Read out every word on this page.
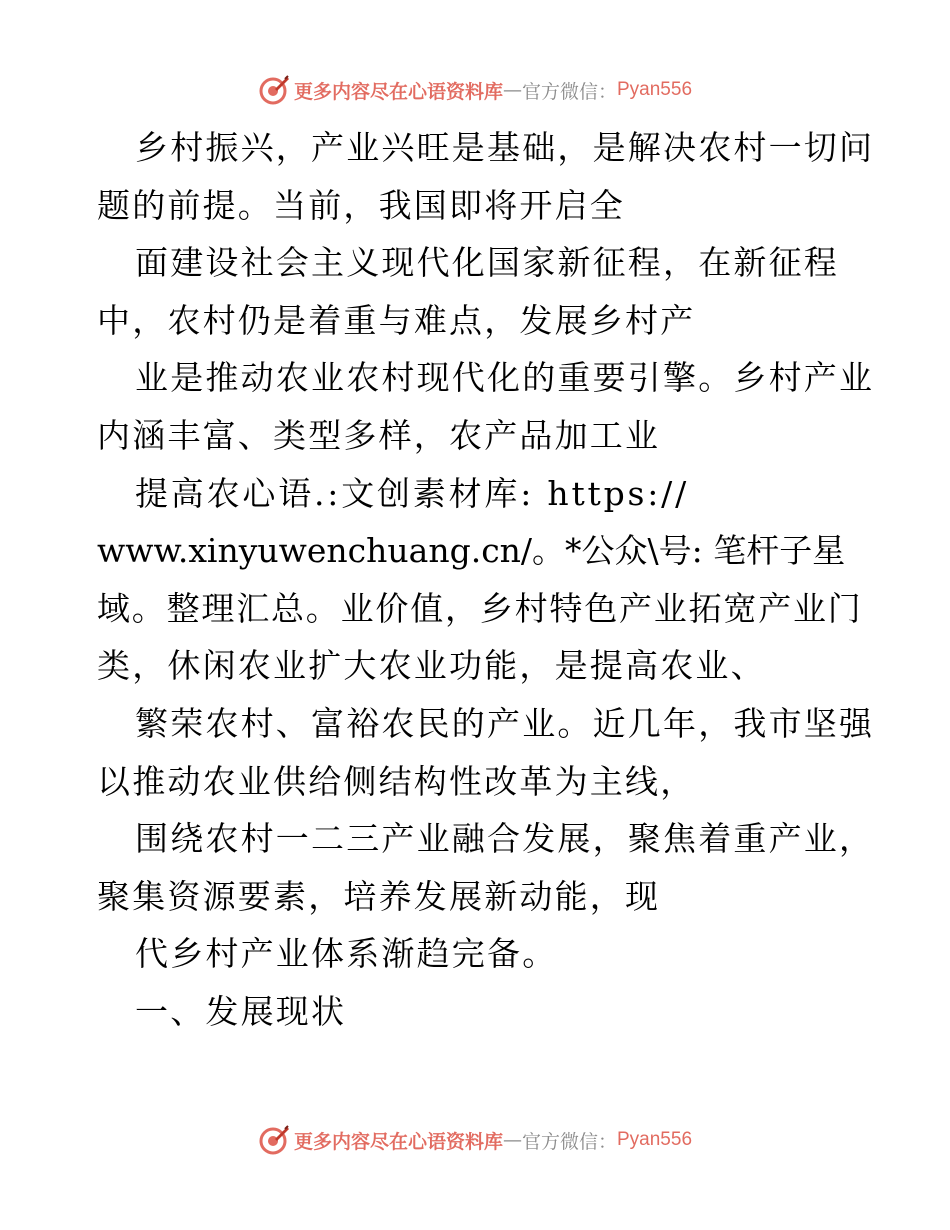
更多内容尽在心语资料库 — 官方微信： Pyan556
乡村振兴，产业兴旺是基础，是解决农村一切问
题的前提。当前，我国即将开启全
面建设社会主义现代化国家新征程，在新征程
中，农村仍是着重与难点，发展乡村产
业是推动农业农村现代化的重要引擎。乡村产业
内涵丰富、类型多样，农产品加工业
提高农心语.:文创素材库: https://
www.xinyuwenchuang.cn/。*公众\号: 笔杆子星
域。整理汇总。业价值，乡村特色产业拓宽产业门
类，休闲农业扩大农业功能，是提高农业、
繁荣农村、富裕农民的产业。近几年，我市坚强
以推动农业供给侧结构性改革为主线，
围绕农村一二三产业融合发展，聚焦着重产业，
聚集资源要素，培养发展新动能，现
代乡村产业体系渐趋完备。
一、发展现状
更多内容尽在心语资料库 — 官方微信： Pyan556
